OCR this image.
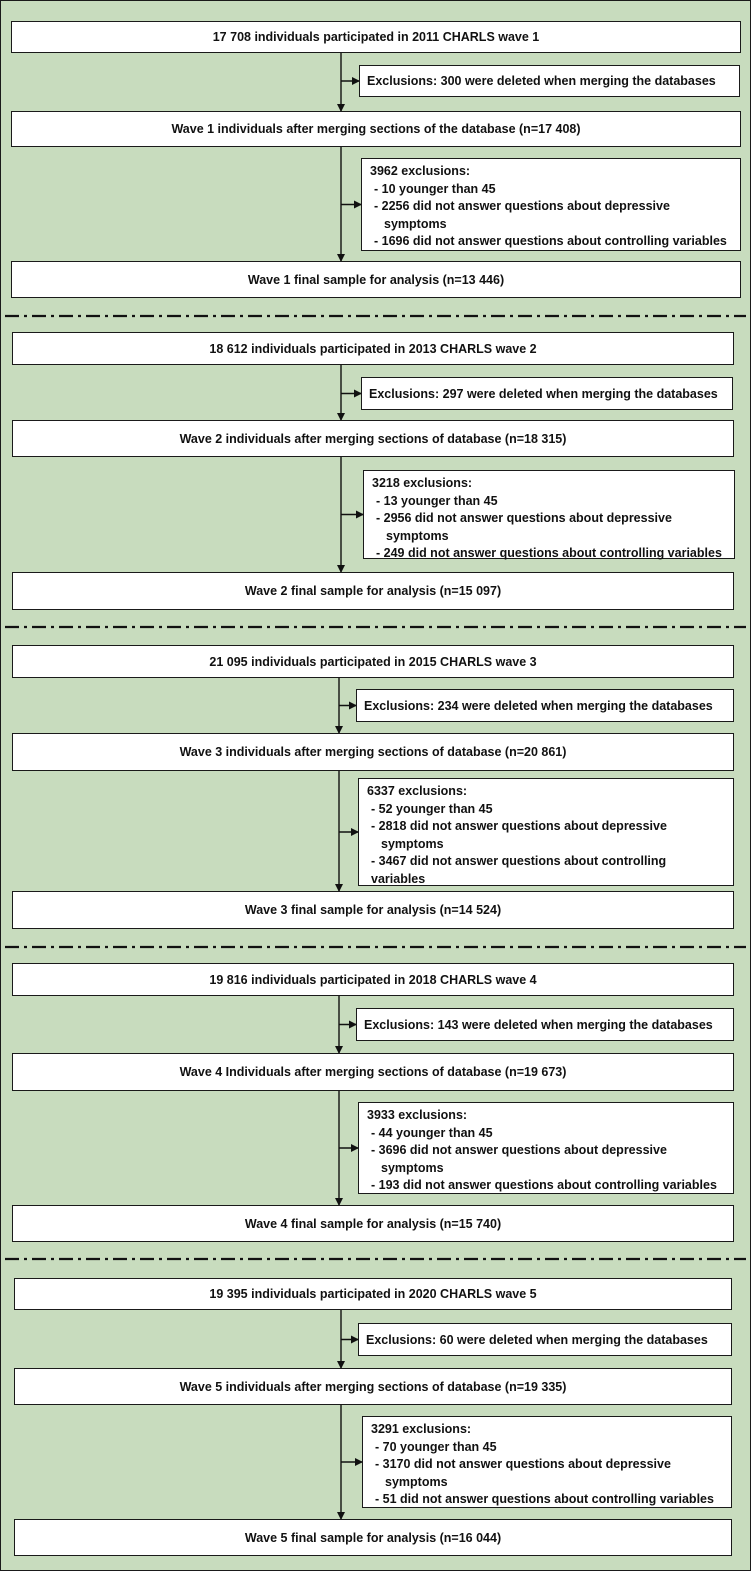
17 708 individuals participated in 2011 CHARLS wave 1
Exclusions: 300 were deleted when merging the databases
Wave 1 individuals after merging sections of the database (n=17 408)
3962 exclusions:
- 10 younger than 45
- 2256 did not answer questions about depressive
symptoms
- 1696 did not answer questions about controlling variables
Wave 1 final sample for analysis (n=13 446)
18 612 individuals participated in 2013 CHARLS wave 2
Exclusions: 297 were deleted when merging the databases
Wave 2 individuals after merging sections of database (n=18 315)
3218 exclusions:
- 13 younger than 45
- 2956 did not answer questions about depressive
symptoms
- 249 did not answer questions about controlling variables
Wave 2 final sample for analysis (n=15 097)
21 095 individuals participated in 2015 CHARLS wave 3
Exclusions: 234 were deleted when merging the databases
Wave 3 individuals after merging sections of database (n=20 861)
6337 exclusions:
- 52 younger than 45
- 2818 did not answer questions about depressive
symptoms
- 3467 did not answer questions about controlling
variables
Wave 3 final sample for analysis (n=14 524)
19 816 individuals participated in 2018 CHARLS wave 4
Exclusions: 143 were deleted when merging the databases
Wave 4 Individuals after merging sections of database (n=19 673)
3933 exclusions:
- 44 younger than 45
- 3696 did not answer questions about depressive
symptoms
- 193 did not answer questions about controlling variables
Wave 4 final sample for analysis (n=15 740)
19 395 individuals participated in 2020 CHARLS wave 5
Exclusions: 60 were deleted when merging the databases
Wave 5 individuals after merging sections of database (n=19 335)
3291 exclusions:
- 70 younger than 45
- 3170 did not answer questions about depressive
symptoms
- 51 did not answer questions about controlling variables
Wave 5 final sample for analysis (n=16 044)
